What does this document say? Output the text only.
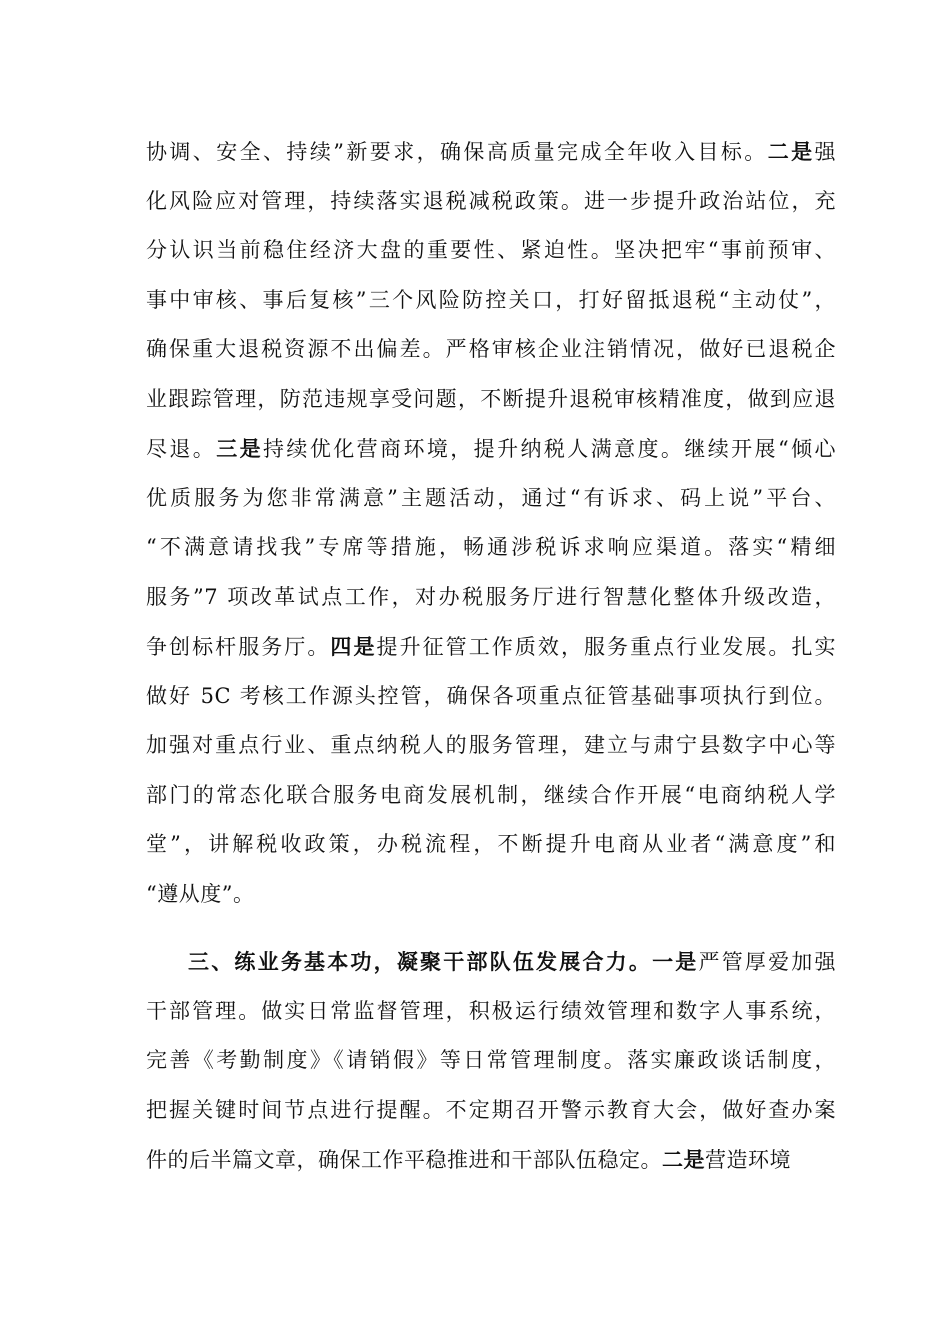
协调、安全、持续”新要求，确保高质量完成全年收入目标。二是强
化风险应对管理，持续落实退税减税政策。进一步提升政治站位，充
分认识当前稳住经济大盘的重要性、紧迫性。坚决把牢“事前预审、
事中审核、事后复核”三个风险防控关口，打好留抵退税“主动仗”，
确保重大退税资源不出偏差。严格审核企业注销情况，做好已退税企
业跟踪管理，防范违规享受问题，不断提升退税审核精准度，做到应退
尽退。三是持续优化营商环境，提升纳税人满意度。继续开展“倾心
优质服务为您非常满意”主题活动，通过“有诉求、码上说”平台、
“不满意请找我”专席等措施，畅通涉税诉求响应渠道。落实“精细
服务”7 项改革试点工作，对办税服务厅进行智慧化整体升级改造，
争创标杆服务厅。四是提升征管工作质效，服务重点行业发展。扎实
做好 5C 考核工作源头控管，确保各项重点征管基础事项执行到位。
加强对重点行业、重点纳税人的服务管理，建立与肃宁县数字中心等
部门的常态化联合服务电商发展机制，继续合作开展“电商纳税人学
堂”，讲解税收政策，办税流程，不断提升电商从业者“满意度”和
“遵从度”。
三、练业务基本功，凝聚干部队伍发展合力。一是严管厚爱加强
干部管理。做实日常监督管理，积极运行绩效管理和数字人事系统，
完善《考勤制度》《请销假》等日常管理制度。落实廉政谈话制度，
把握关键时间节点进行提醒。不定期召开警示教育大会，做好查办案
件的后半篇文章，确保工作平稳推进和干部队伍稳定。二是营造环境
